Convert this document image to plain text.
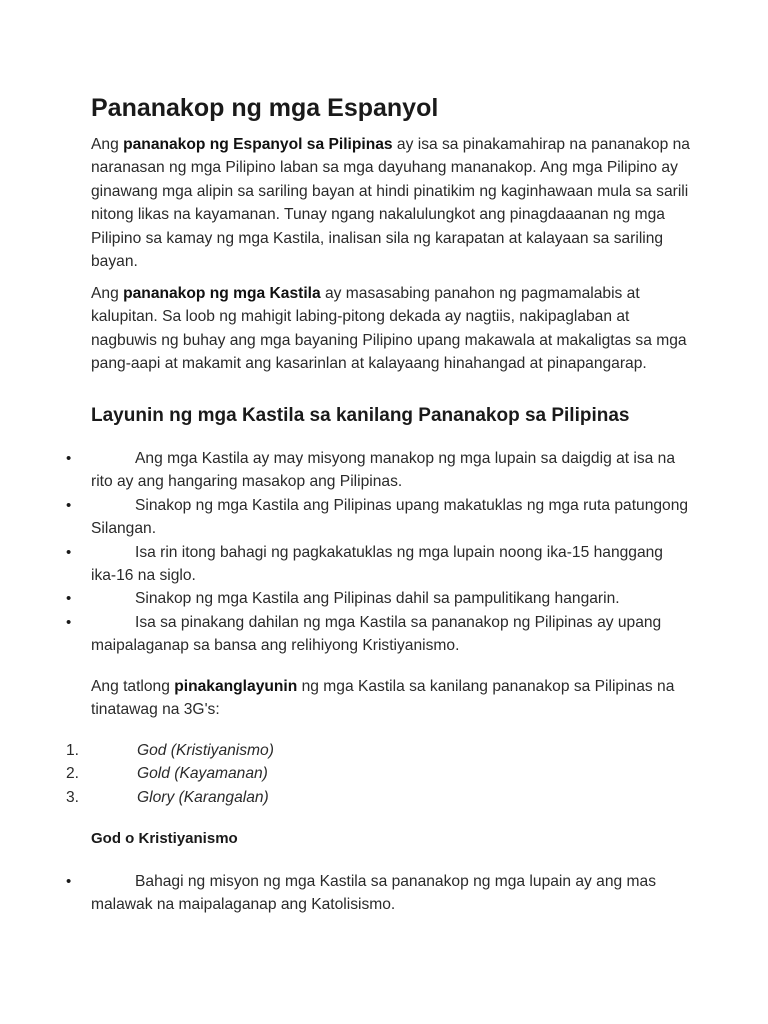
Pananakop ng mga Espanyol

Ang pananakop ng Espanyol sa Pilipinas ay isa sa pinakamahirap na pananakop na naranasan ng mga Pilipino laban sa mga dayuhang mananakop. Ang mga Pilipino ay ginawang mga alipin sa sariling bayan at hindi pinatikim ng kaginhawaan mula sa sarili nitong likas na kayamanan. Tunay ngang nakalulungkot ang pinagdaaanan ng mga Pilipino sa kamay ng mga Kastila, inalisan sila ng karapatan at kalayaan sa sariling bayan.

Ang pananakop ng mga Kastila ay masasabing panahon ng pagmamalabis at kalupitan. Sa loob ng mahigit labing-pitong dekada ay nagtiis, nakipaglaban at nagbuwis ng buhay ang mga bayaning Pilipino upang makawala at makaligtas sa mga pang-aapi at makamit ang kasarinlan at kalayaang hinahangad at pinapangarap.

Layunin ng mga Kastila sa kanilang Pananakop sa Pilipinas
•	Ang mga Kastila ay may misyong manakop ng mga lupain sa daigdig at isa na rito ay ang hangaring masakop ang Pilipinas.
•	Sinakop ng mga Kastila ang Pilipinas upang makatuklas ng mga ruta patungong Silangan.
•	Isa rin itong bahagi ng pagkakatuklas ng mga lupain noong ika-15 hanggang ika-16 na siglo.
•	Sinakop ng mga Kastila ang Pilipinas dahil sa pampulitikang hangarin.
•	Isa sa pinakang dahilan ng mga Kastila sa pananakop ng Pilipinas ay upang maipalaganap sa bansa ang relihiyong Kristiyanismo.

Ang tatlong pinakanglayunin ng mga Kastila sa kanilang pananakop sa Pilipinas na tinatawag na 3G's:

1.	God (Kristiyanismo)
2.	Gold (Kayamanan)
3.	Glory (Karangalan)
God o Kristiyanismo
•	Bahagi ng misyon ng mga Kastila sa pananakop ng mga lupain ay ang mas malawak na maipalaganap ang Katolisismo.
